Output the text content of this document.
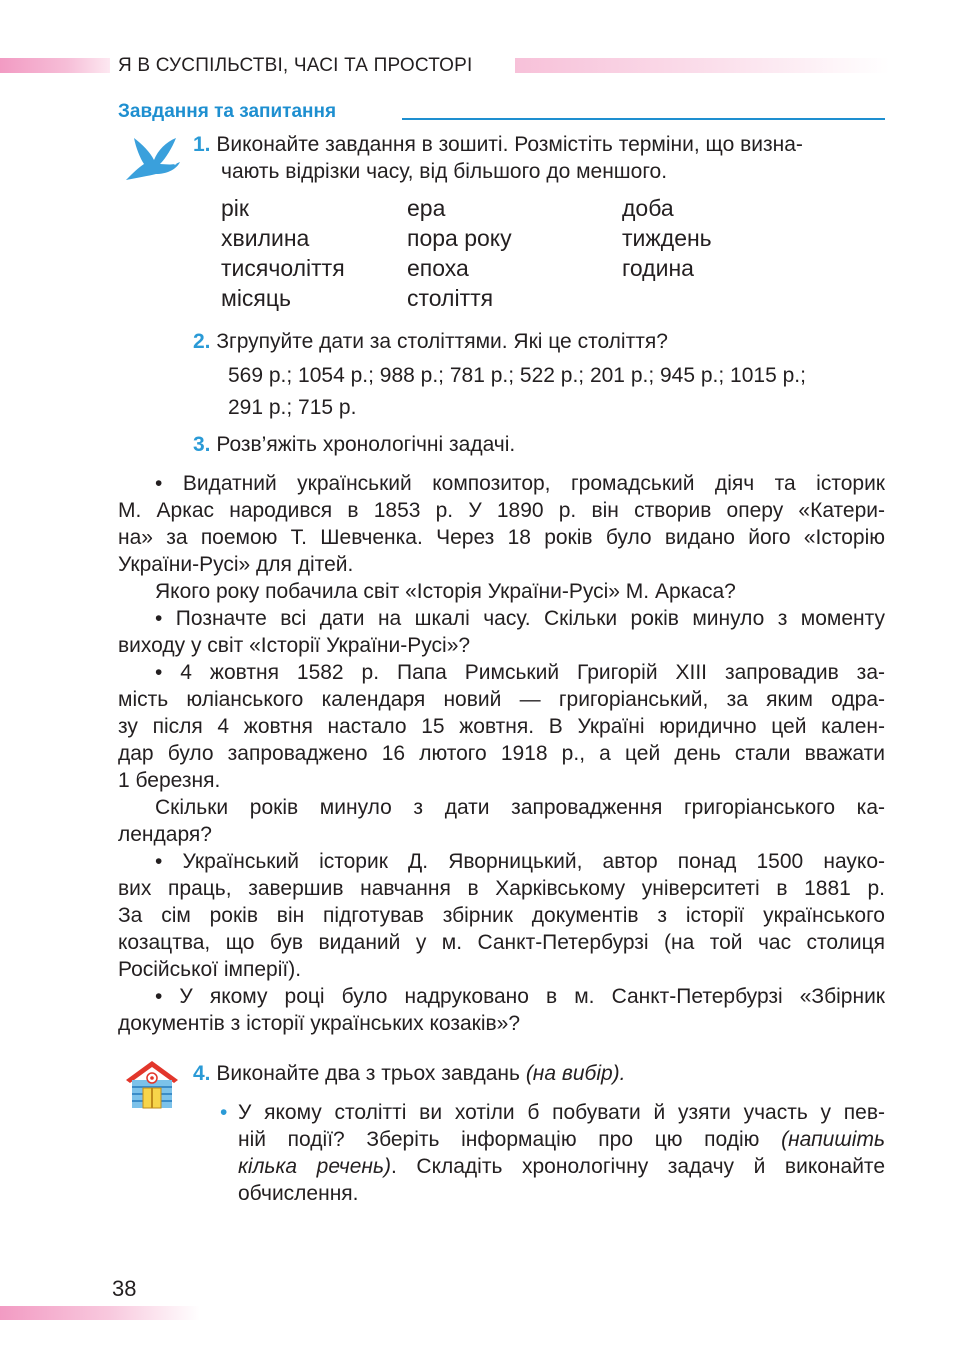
Я В СУСПІЛЬСТВІ, ЧАСІ ТА ПРОСТОРІ
Завдання та запитання
1. Виконайте завдання в зошиті. Розмістіть терміни, що визна-
чають відрізки часу, від більшого до меншого.
рік
хвилина
тисячоліття
місяць
ера
пора року
епоха
століття
доба
тиждень
година
2. Згрупуйте дати за століттями. Які це століття?
569 р.; 1054 р.; 988 р.; 781 р.; 522 р.; 201 р.; 945 р.; 1015 р.;
291 р.; 715 р.
3. Розв’яжіть хронологічні задачі.
• Видатний український композитор, громадський діяч та історик
М. Аркас народився в 1853 р. У 1890 р. він створив оперу «Катери-
на» за поемою Т. Шевченка. Через 18 років було видано його «Історію
України-Русі» для дітей.
Якого року побачила світ «Історія України-Русі» М. Аркаса?
• Позначте всі дати на шкалі часу. Скільки років минуло з моменту
виходу у світ «Історії України-Русі»?
• 4 жовтня 1582 р. Папа Римський Григорій XIII запровадив за-
мість юліанського календаря новий — григоріанський, за яким одра-
зу після 4 жовтня настало 15 жовтня. В Україні юридично цей кален-
дар було запроваджено 16 лютого 1918 р., а цей день стали вважати
1 березня.
Скільки років минуло з дати запровадження григоріанського ка-
лендаря?
• Український історик Д. Яворницький, автор понад 1500 науко-
вих праць, завершив навчання в Харківському університеті в 1881 р.
За сім років він підготував збірник документів з історії українського
козацтва, що був виданий у м. Санкт-Петербурзі (на той час столиця
Російської імперії).
• У якому році було надруковано в м. Санкт-Петербурзі «Збірник
документів з історії українських козаків»?
4. Виконайте два з трьох завдань (на вибір).
• У якому столітті ви хотіли б побувати й узяти участь у пев-
ній події? Зберіть інформацію про цю подію (напишіть
кілька речень). Складіть хронологічну задачу й виконайте
обчислення.
38
